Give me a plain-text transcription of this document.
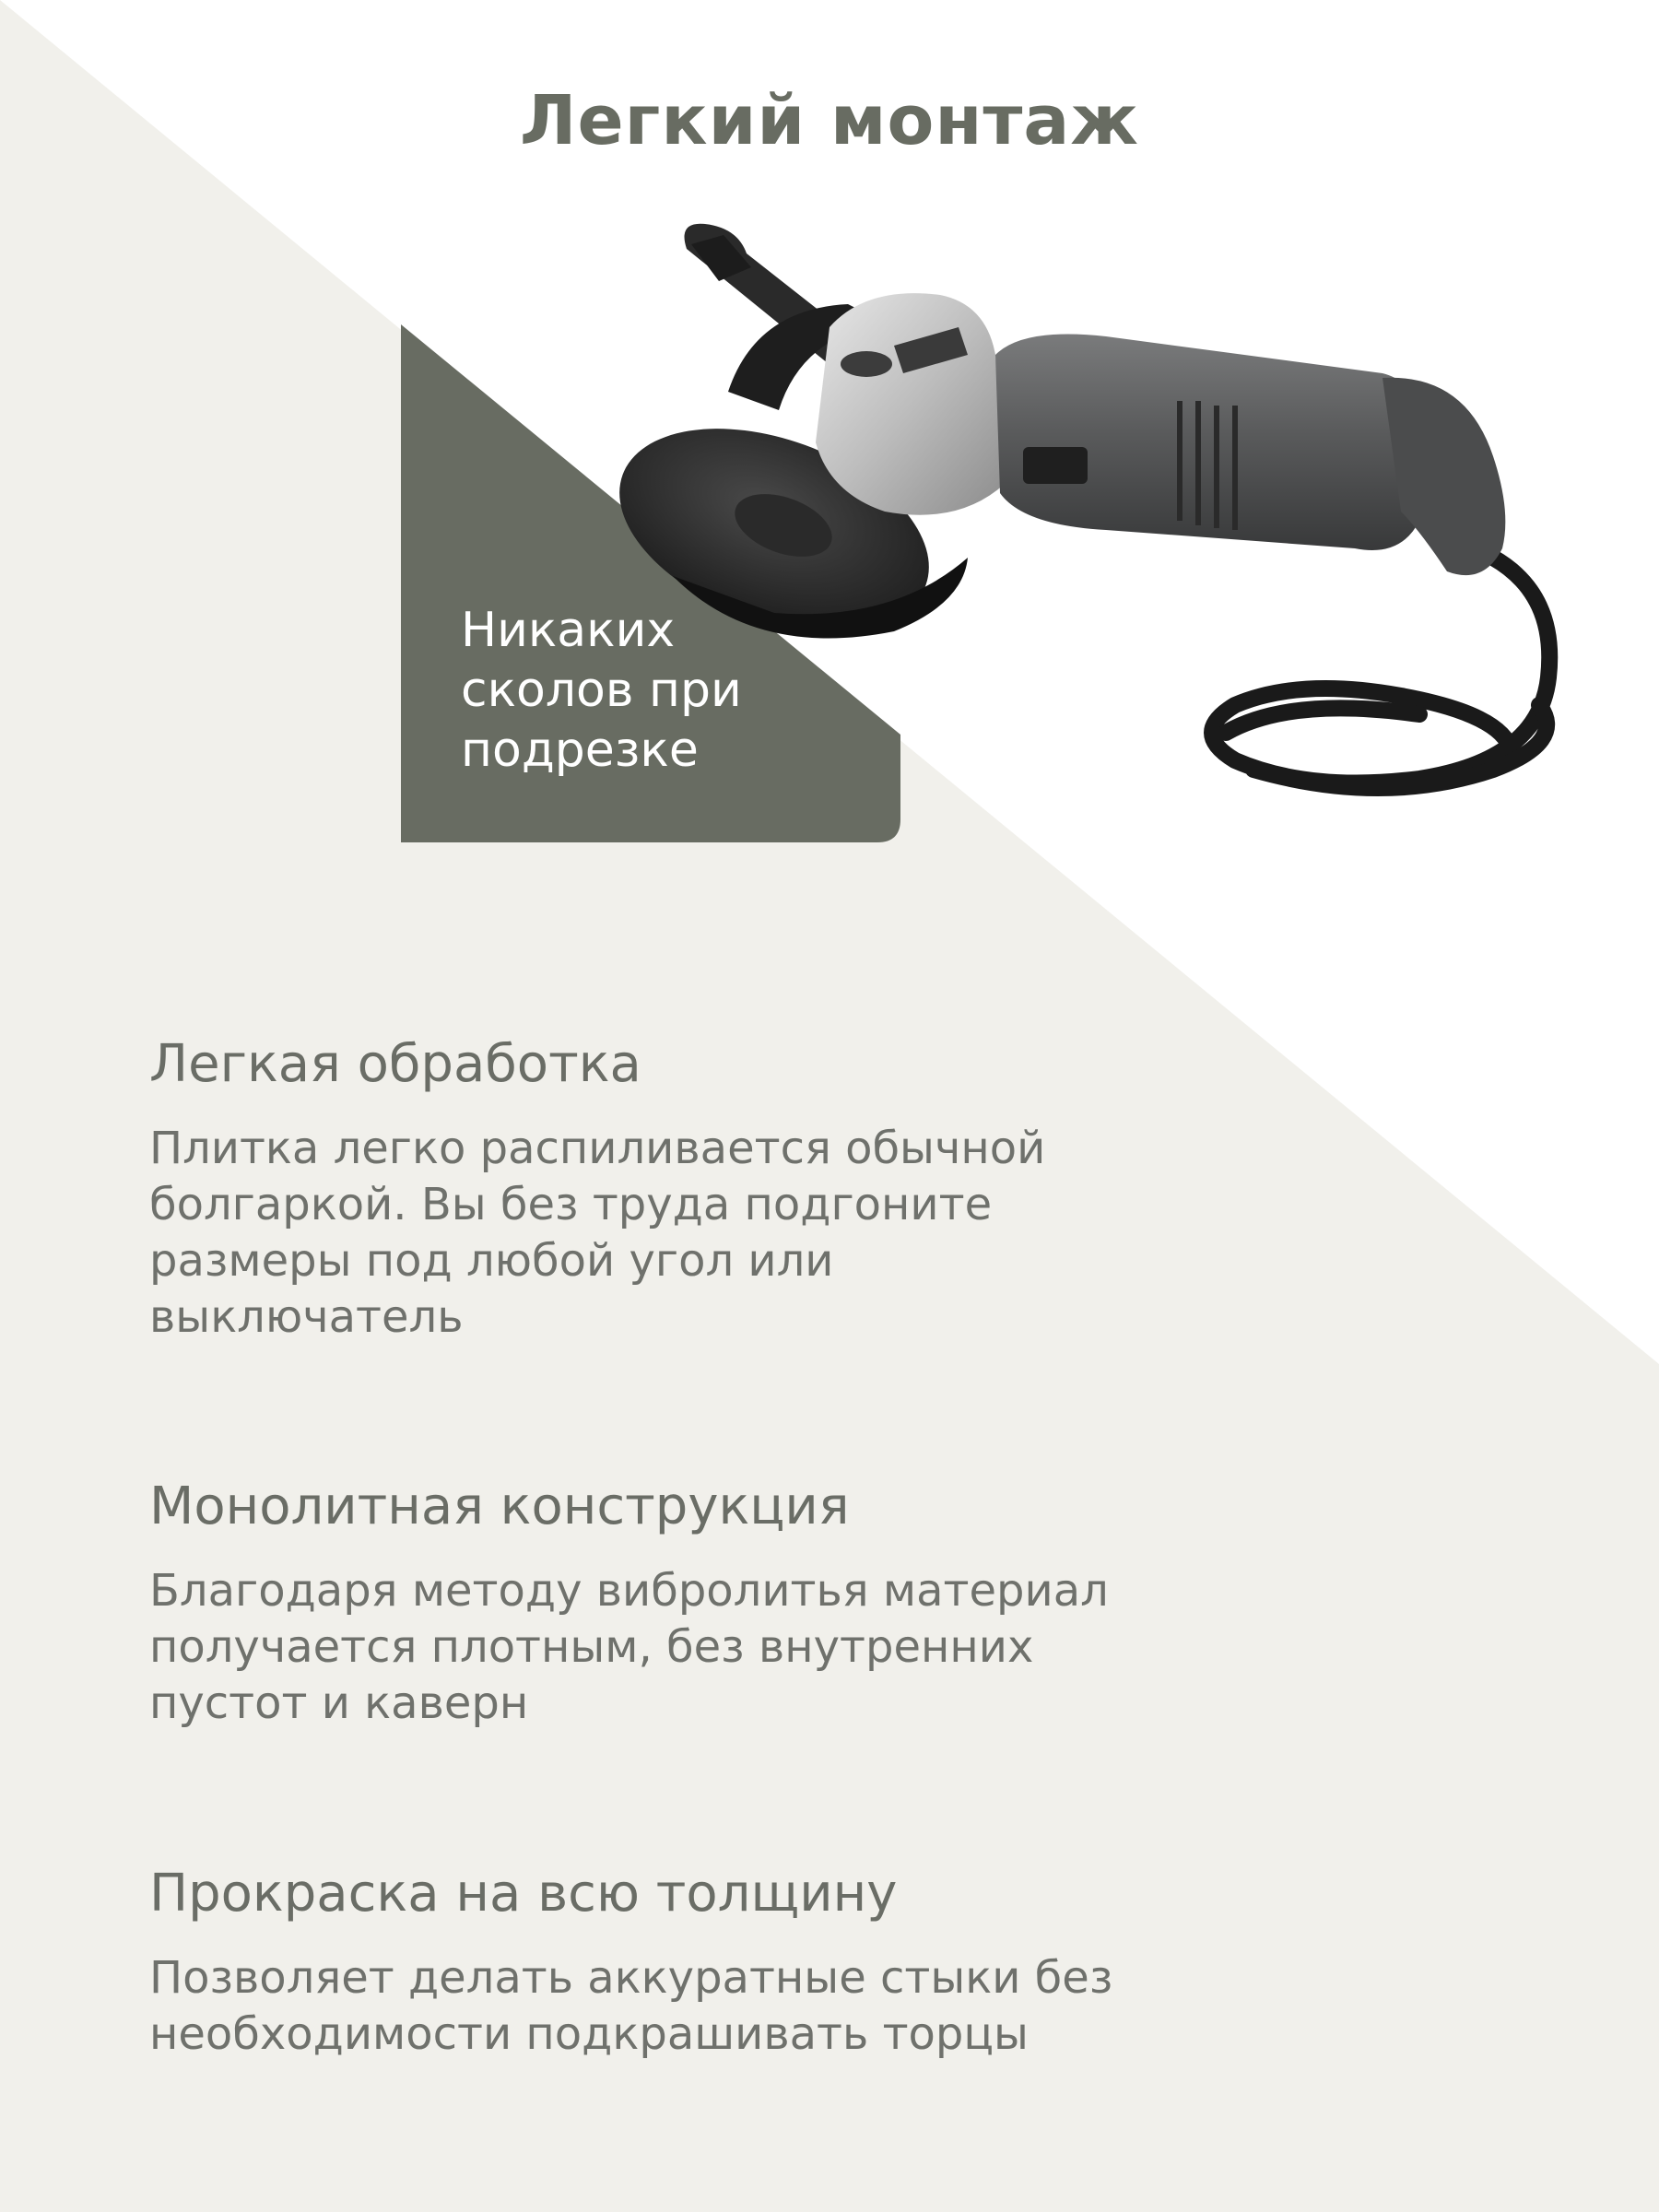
Легкий монтаж

Никаких
сколов при
подрезке

Легкая обработка

Плитка легко распиливается обычной
болгаркой. Вы без труда подгоните
размеры под любой угол или
выключатель

Монолитная конструкция

Благодаря методу вибролитья материал
получается плотным, без внутренних
пустот и каверн

Прокраска на всю толщину

Позволяет делать аккуратные стыки без
необходимости подкрашивать торцы
